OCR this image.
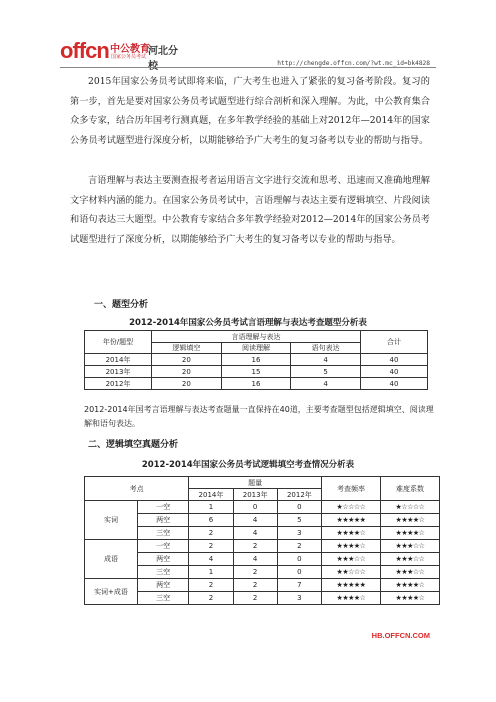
offcn 中公教育
国家公务员考试 河北分校	http://chengde.offcn.com/?wt.mc_id=bk4828
2015年国家公务员考试即将来临，广大考生也进入了紧张的复习备考阶段。复习的第一步，首先是要对国家公务员考试题型进行综合剖析和深入理解。为此，中公教育集合众多专家，结合历年国考行测真题，在多年教学经验的基础上对2012年—2014年的国家公务员考试题型进行深度分析，以期能够给予广大考生的复习备考以专业的帮助与指导。
言语理解与表达主要测查报考者运用语言文字进行交流和思考、迅速而又准确地理解文字材料内涵的能力。在国家公务员考试中，言语理解与表达主要有逻辑填空、片段阅读和语句表达三大题型。中公教育专家结合多年教学经验对2012—2014年的国家公务员考试题型进行了深度分析，以期能够给予广大考生的复习备考以专业的帮助与指导。
一、题型分析
2012-2014年国家公务员考试言语理解与表达考查题型分析表
年份/题型	言语理解与表达			合计
	逻辑填空	阅读理解	语句表达	
2014年	20	16	4	40
2013年	20	15	5	40
2012年	20	16	4	40
2012-2014年国考言语理解与表达考查题量一直保持在40道，主要考查题型包括逻辑填空、阅读理解和语句表达。
二、逻辑填空真题分析
2012-2014年国家公务员考试逻辑填空考查情况分析表
考点		题量			考查频率	难度系数
		2014年	2013年	2012年		
实词	一空	1	0	0	★☆☆☆☆	★☆☆☆☆
	两空	6	4	5	★★★★★	★★★★☆
	三空	2	4	3	★★★★☆	★★★★☆
成语	一空	2	2	2	★★★★☆	★★★☆☆
	两空	4	4	0	★★★☆☆	★★★☆☆
	三空	1	2	0	★★☆☆☆	★★★☆☆
实词+成语	两空	2	2	7	★★★★★	★★★★☆
	三空	2	2	3	★★★★☆	★★★★☆
HB.OFFCN.COM
